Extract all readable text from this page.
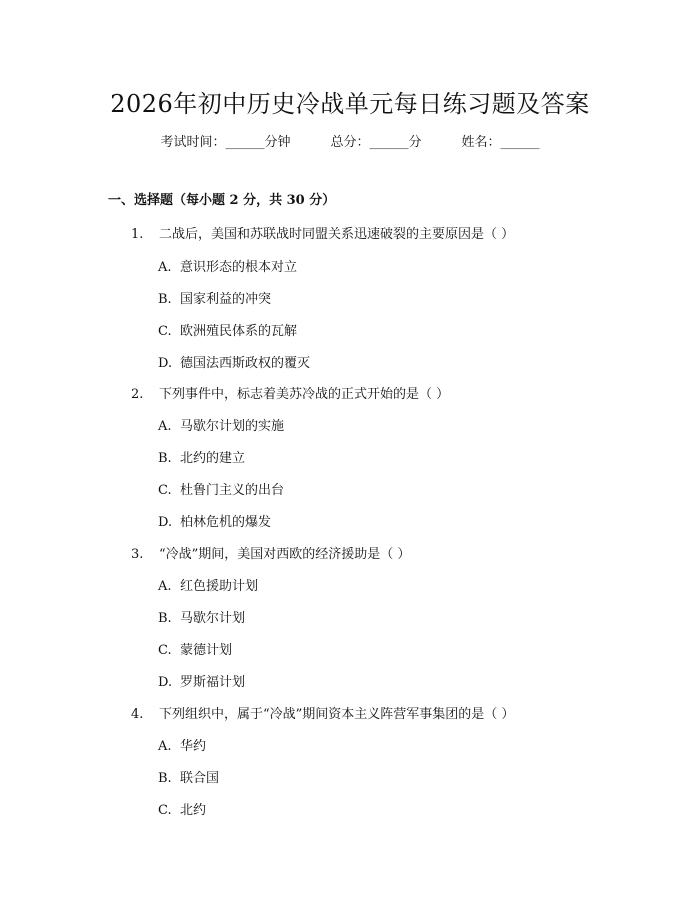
2026年初中历史冷战单元每日练习题及答案
考试时间：______分钟	总分：______分	姓名：______
一、选择题（每小题 2 分，共 30 分）
1. 二战后，美国和苏联战时同盟关系迅速破裂的主要原因是（ ）
A. 意识形态的根本对立
B. 国家利益的冲突
C. 欧洲殖民体系的瓦解
D. 德国法西斯政权的覆灭
2. 下列事件中，标志着美苏冷战的正式开始的是（ ）
A. 马歇尔计划的实施
B. 北约的建立
C. 杜鲁门主义的出台
D. 柏林危机的爆发
3. “冷战”期间，美国对西欧的经济援助是（ ）
A. 红色援助计划
B. 马歇尔计划
C. 蒙德计划
D. 罗斯福计划
4. 下列组织中，属于“冷战”期间资本主义阵营军事集团的是（ ）
A. 华约
B. 联合国
C. 北约
